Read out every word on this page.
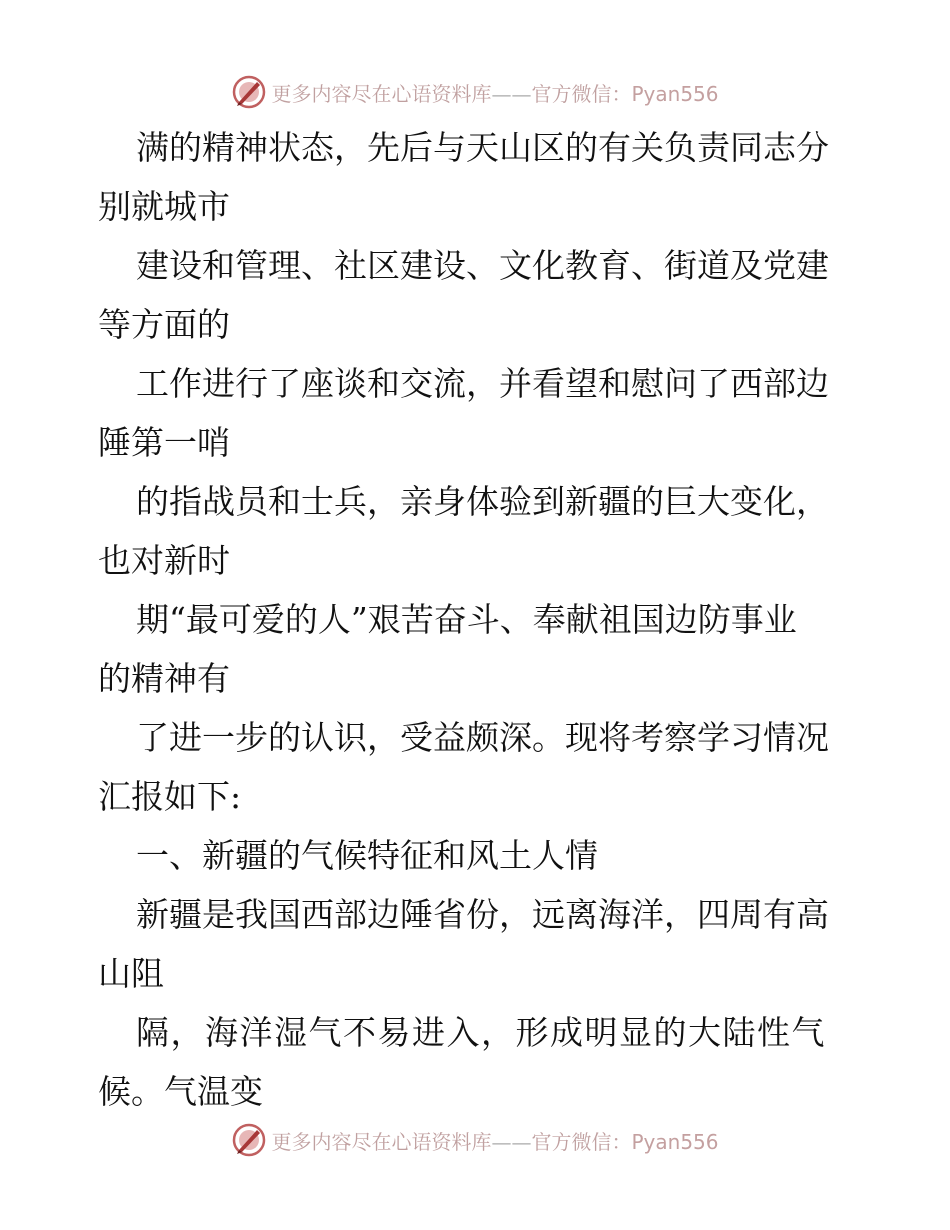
更多内容尽在心语资料库——官方微信：Pyan556
满的精神状态，先后与天山区的有关负责同志分
别就城市
建设和管理、社区建设、文化教育、街道及党建
等方面的
工作进行了座谈和交流，并看望和慰问了西部边
陲第一哨
的指战员和士兵，亲身体验到新疆的巨大变化，
也对新时
期“最可爱的人”艰苦奋斗、奉献祖国边防事业
的精神有
了进一步的认识，受益颇深。现将考察学习情况
汇报如下:
一、新疆的气候特征和风土人情
新疆是我国西部边陲省份，远离海洋，四周有高
山阻
隔，海洋湿气不易进入，形成明显的大陆性气
候。气温变
更多内容尽在心语资料库——官方微信：Pyan556
